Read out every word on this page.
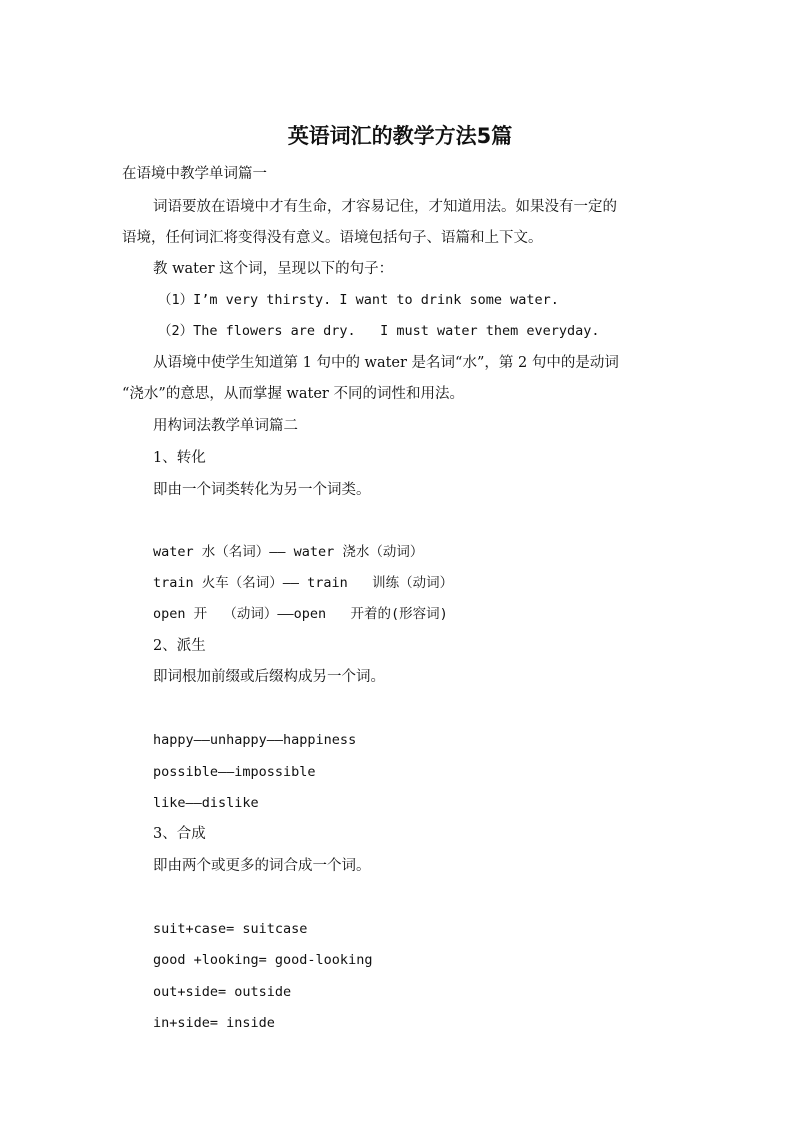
英语词汇的教学方法5篇

在语境中教学单词篇一

词语要放在语境中才有生命，才容易记住，才知道用法。如果没有一定的

语境，任何词汇将变得没有意义。语境包括句子、语篇和上下文。

教 water 这个词，呈现以下的句子：

（1）I’m very thirsty. I want to drink some water.

（2）The flowers are dry.   I must water them everyday.

从语境中使学生知道第 1 句中的 water 是名词“水”，第 2 句中的是动词

“浇水”的意思，从而掌握 water 不同的词性和用法。

用构词法教学单词篇二

1、转化

即由一个词类转化为另一个词类。

water 水（名词）—— water 浇水（动词）

train 火车（名词）—— train   训练（动词）

open 开  （动词）——open   开着的(形容词)

2、派生

即词根加前缀或后缀构成另一个词。

happy——unhappy——happiness

possible——impossible

like——dislike

3、合成

即由两个或更多的词合成一个词。

suit+case= suitcase

good +looking= good-looking

out+side= outside

in+side= inside
